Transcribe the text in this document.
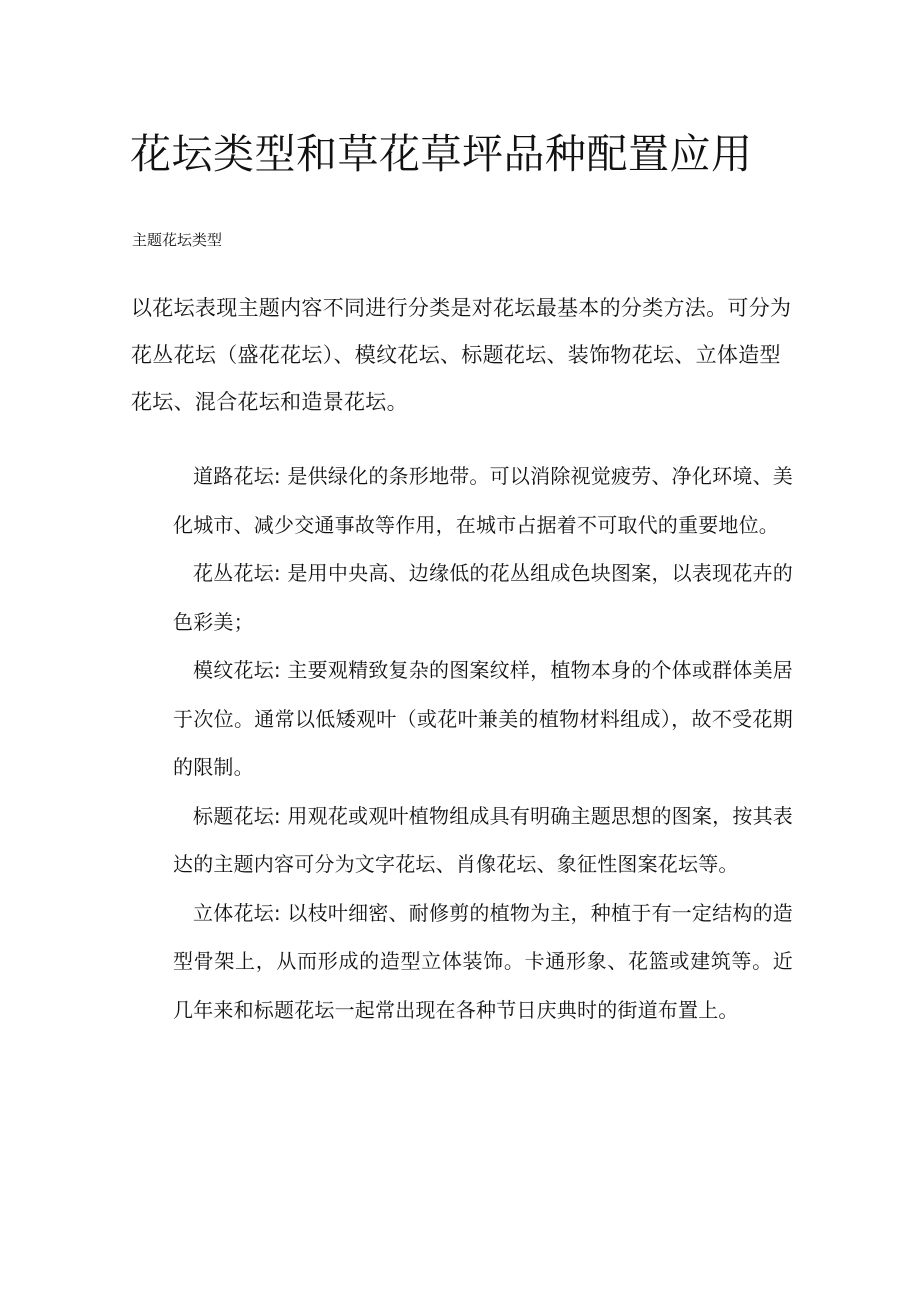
花坛类型和草花草坪品种配置应用

主题花坛类型

以花坛表现主题内容不同进行分类是对花坛最基本的分类方法。可分为花丛花坛（盛花花坛）、模纹花坛、标题花坛、装饰物花坛、立体造型花坛、混合花坛和造景花坛。

道路花坛: 是供绿化的条形地带。可以消除视觉疲劳、净化环境、美化城市、减少交通事故等作用，在城市占据着不可取代的重要地位。

花丛花坛: 是用中央高、边缘低的花丛组成色块图案，以表现花卉的色彩美；

模纹花坛: 主要观精致复杂的图案纹样，植物本身的个体或群体美居于次位。通常以低矮观叶（或花叶兼美的植物材料组成），故不受花期的限制。

标题花坛: 用观花或观叶植物组成具有明确主题思想的图案，按其表达的主题内容可分为文字花坛、肖像花坛、象征性图案花坛等。

立体花坛: 以枝叶细密、耐修剪的植物为主，种植于有一定结构的造型骨架上，从而形成的造型立体装饰。卡通形象、花篮或建筑等。近几年来和标题花坛一起常出现在各种节日庆典时的街道布置上。
